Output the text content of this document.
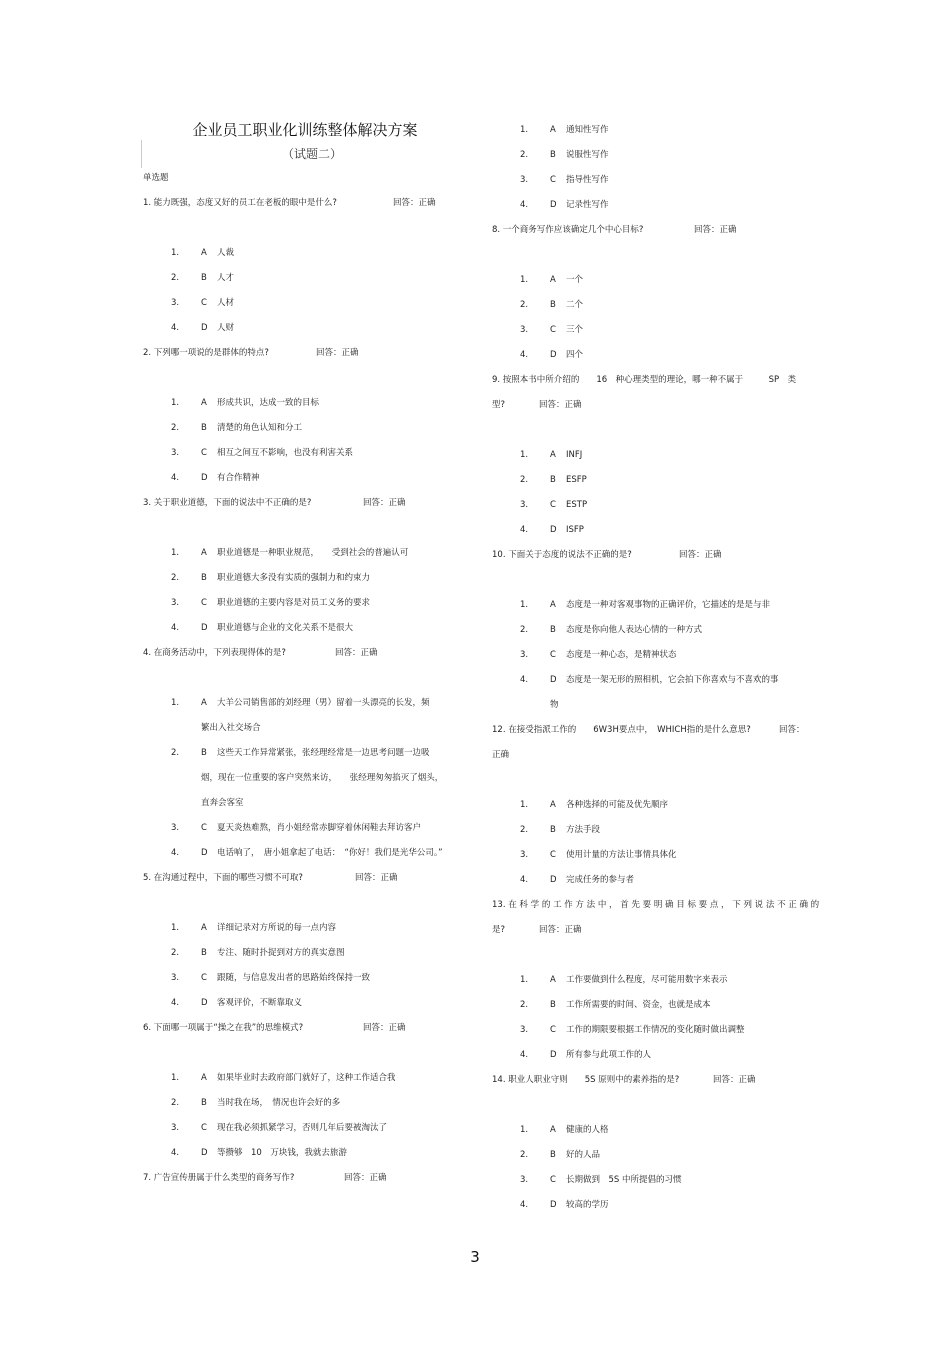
企业员工职业化训练整体解决方案
（试题二）
单选题
1. 能力既强，态度又好的员工在老板的眼中是什么?	回答：正确
1.	A 人裁
2.	B 人才
3.	C 人材
4.	D 人财
2. 下列哪一项说的是群体的特点?	回答：正确
1.	A 形成共识，达成一致的目标
2.	B 清楚的角色认知和分工
3.	C 相互之间互不影响，也没有利害关系
4.	D 有合作精神
3. 关于职业道德，下面的说法中不正确的是?	回答：正确
1.	A 职业道德是一种职业规范，　　受到社会的普遍认可
2.	B 职业道德大多没有实质的强制力和约束力
3.	C 职业道德的主要内容是对员工义务的要求
4.	D 职业道德与企业的文化关系不是很大
4. 在商务活动中，下列表现得体的是?	回答：正确
1.	A 大羊公司销售部的刘经理（男）留着一头漂亮的长发，频
繁出入社交场合
2.	B 这些天工作异常紧张，张经理经常是一边思考问题一边吸
烟，现在一位重要的客户突然来访，　　张经理匆匆掐灭了烟头，
直奔会客室
3.	C 夏天炎热难熬，肖小姐经常赤脚穿着休闲鞋去拜访客户
4.	D 电话响了，　唐小姐拿起了电话：　“你好！我们是光华公司。”
5. 在沟通过程中，下面的哪些习惯不可取?	回答：正确
1.	A 详细记录对方所说的每一点内容
2.	B 专注、随时扑捉到对方的真实意图
3.	C 跟随，与信息发出者的思路始终保持一致
4.	D 客观评价，不断靠取义
6. 下面哪一项属于“操之在我”的思维模式?	回答：正确
1.	A 如果毕业时去政府部门就好了，这种工作适合我
2.	B 当时我在场，　情况也许会好的多
3.	C 现在我必须抓紧学习，否则几年后要被淘汰了
4.	D 等攒够　10　万块钱，我就去旅游
7. 广告宣传册属于什么类型的商务写作?	回答：正确
1.	A 通知性写作
2.	B 说服性写作
3.	C 指导性写作
4.	D 记录性写作
8. 一个商务写作应该确定几个中心目标?	回答：正确
1.	A 一个
2.	B 二个
3.	C 三个
4.	D 四个
9. 按照本书中所介绍的　　16　种心理类型的理论，哪一种不属于　　　SP　类
型?	回答：正确
1.	A INFJ
2.	B ESFP
3.	C ESTP
4.	D ISFP
10. 下面关于态度的说法不正确的是?	回答：正确
1.	A 态度是一种对客观事物的正确评价，它描述的是是与非
2.	B 态度是你向他人表达心情的一种方式
3.	C 态度是一种心态，是精神状态
4.	D 态度是一架无形的照相机，它会拍下你喜欢与不喜欢的事
物
12. 在接受指派工作的　　6W3H要点中，　WHICH指的是什么意思?	回答：
正确
1.	A 各种选择的可能及优先顺序
2.	B 方法手段
3.	C 使用计量的方法让事情具体化
4.	D 完成任务的参与者
13. 在 科 学 的 工 作 方 法 中 ， 首 先 要 明 确 目 标 要 点 ， 下 列 说 法 不 正 确 的
是?	回答：正确
1.	A 工作要做到什么程度，尽可能用数字来表示
2.	B 工作所需要的时间、资金，也就是成本
3.	C 工作的期限要根据工作情况的变化随时做出调整
4.	D 所有参与此项工作的人
14. 职业人职业守则　　5S 原则中的素养指的是?	回答：正确
1.	A 健康的人格
2.	B 好的人品
3.	C 长期做到　5S 中所提倡的习惯
4.	D 较高的学历
3
